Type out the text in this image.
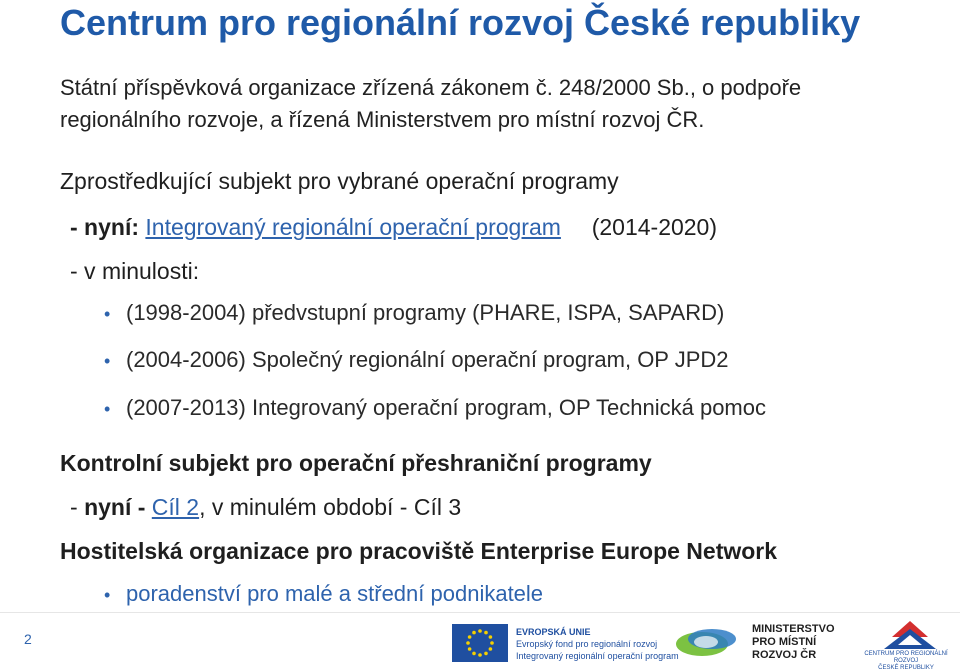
Centrum pro regionální rozvoj České republiky
Státní příspěvková organizace zřízená zákonem č. 248/2000 Sb., o podpoře regionálního rozvoje, a řízená Ministerstvem pro místní rozvoj ČR.
Zprostředkující subjekt pro vybrané operační programy
- nyní: Integrovaný regionální operační program (2014-2020)
- v minulosti:
• (1998-2004) předvstupní programy (PHARE, ISPA, SAPARD)
• (2004-2006) Společný regionální operační program, OP JPD2
• (2007-2013) Integrovaný operační program, OP Technická pomoc
Kontrolní subjekt pro operační přeshraniční programy
- nyní - Cíl 2, v minulém období - Cíl 3
Hostitelská organizace pro pracoviště Enterprise Europe Network
• poradenství pro malé a střední podnikatele
2	EVROPSKÁ UNIE
Evropský fond pro regionální rozvoj
Integrovaný regionální operační program
MINISTERSTVO
PRO MÍSTNÍ
ROZVOJ ČR	CENTRUM PRO REGIONÁLNÍ ROZVOJ
ČESKÉ REPUBLIKY
